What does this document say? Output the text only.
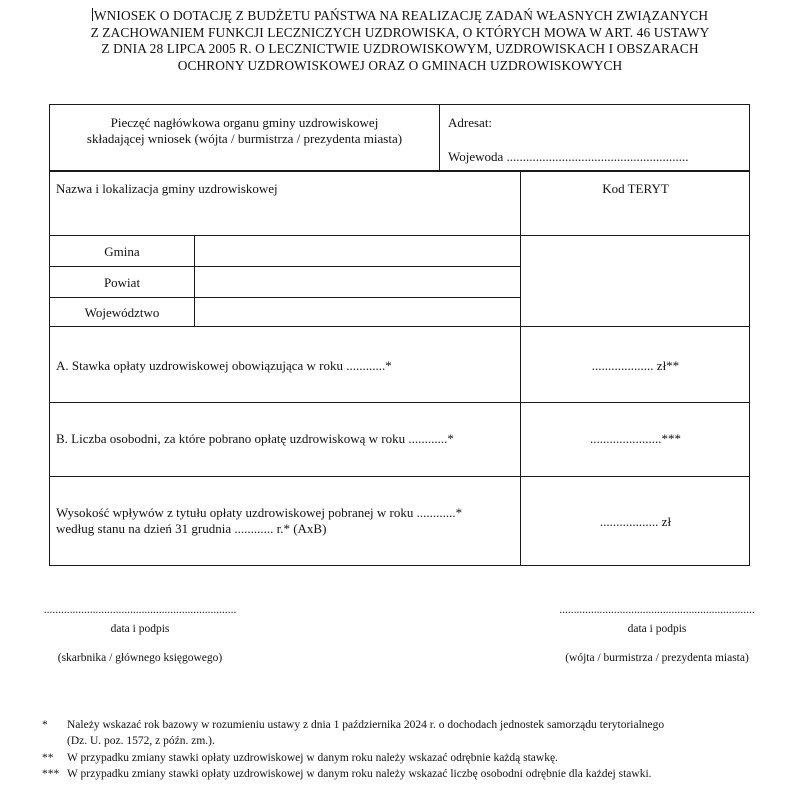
WNIOSEK O DOTACJĘ Z BUDŻETU PAŃSTWA NA REALIZACJĘ ZADAŃ WŁASNYCH ZWIĄZANYCH
Z ZACHOWANIEM FUNKCJI LECZNICZYCH UZDROWISKA, O KTÓRYCH MOWA W ART. 46 USTAWY
Z DNIA 28 LIPCA 2005 R. O LECZNICTWIE UZDROWISKOWYM, UZDROWISKACH I OBSZARACH
OCHRONY UZDROWISKOWEJ ORAZ O GMINACH UZDROWISKOWYCH
Pieczęć nagłówkowa organu gminy uzdrowiskowej
składającej wniosek (wójta / burmistrza / prezydenta miasta)
Adresat:
Wojewoda ........................................................
Nazwa i lokalizacja gminy uzdrowiskowej	Kod TERYT
Gmina
Powiat
Województwo
A. Stawka opłaty uzdrowiskowej obowiązująca w roku ............*	................... zł**
B. Liczba osobodni, za które pobrano opłatę uzdrowiskową w roku ............*	......................***
Wysokość wpływów z tytułu opłaty uzdrowiskowej pobranej w roku ............*
według stanu na dzień 31 grudnia ............ r.* (AxB)	.................. zł
...................................................................
data i podpis
(skarbnika / głównego księgowego)
....................................................................
data i podpis
(wójta / burmistrza / prezydenta miasta)
* Należy wskazać rok bazowy w rozumieniu ustawy z dnia 1 października 2024 r. o dochodach jednostek samorządu terytorialnego
(Dz. U. poz. 1572, z późn. zm.).
** W przypadku zmiany stawki opłaty uzdrowiskowej w danym roku należy wskazać odrębnie każdą stawkę.
*** W przypadku zmiany stawki opłaty uzdrowiskowej w danym roku należy wskazać liczbę osobodni odrębnie dla każdej stawki.
